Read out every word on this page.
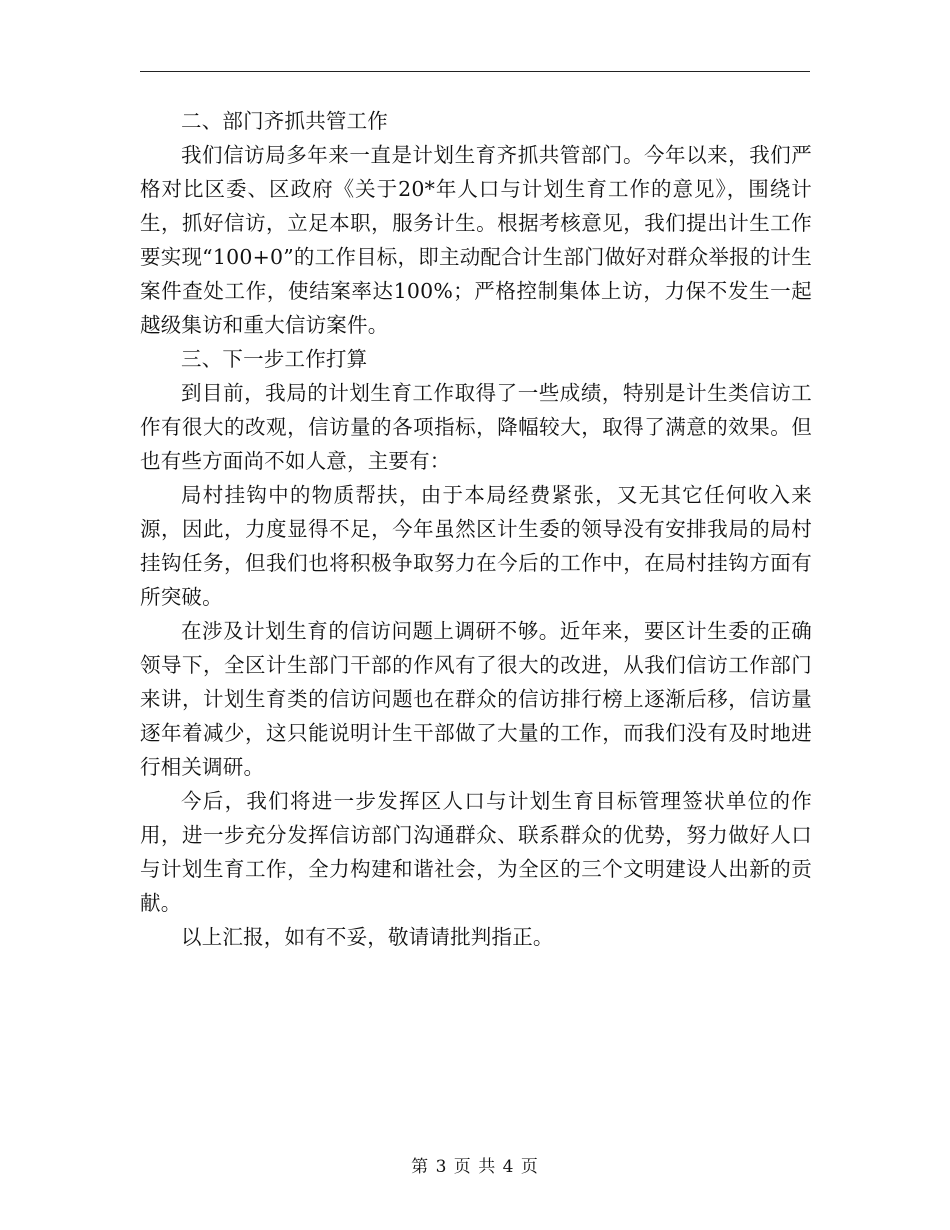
二、部门齐抓共管工作

我们信访局多年来一直是计划生育齐抓共管部门。今年以来，我们严格对比区委、区政府《关于20*年人口与计划生育工作的意见》，围绕计生，抓好信访，立足本职，服务计生。根据考核意见，我们提出计生工作要实现“100+0”的工作目标，即主动配合计生部门做好对群众举报的计生案件查处工作，使结案率达100%；严格控制集体上访，力保不发生一起越级集访和重大信访案件。

三、下一步工作打算

到目前，我局的计划生育工作取得了一些成绩，特别是计生类信访工作有很大的改观，信访量的各项指标，降幅较大，取得了满意的效果。但也有些方面尚不如人意，主要有：

局村挂钩中的物质帮扶，由于本局经费紧张，又无其它任何收入来源，因此，力度显得不足，今年虽然区计生委的领导没有安排我局的局村挂钩任务，但我们也将积极争取努力在今后的工作中，在局村挂钩方面有所突破。

在涉及计划生育的信访问题上调研不够。近年来，要区计生委的正确领导下，全区计生部门干部的作风有了很大的改进，从我们信访工作部门来讲，计划生育类的信访问题也在群众的信访排行榜上逐渐后移，信访量逐年着减少，这只能说明计生干部做了大量的工作，而我们没有及时地进行相关调研。

今后，我们将进一步发挥区人口与计划生育目标管理签状单位的作用，进一步充分发挥信访部门沟通群众、联系群众的优势，努力做好人口与计划生育工作，全力构建和谐社会，为全区的三个文明建设人出新的贡献。

以上汇报，如有不妥，敬请请批判指正。

第 3 页 共 4 页
